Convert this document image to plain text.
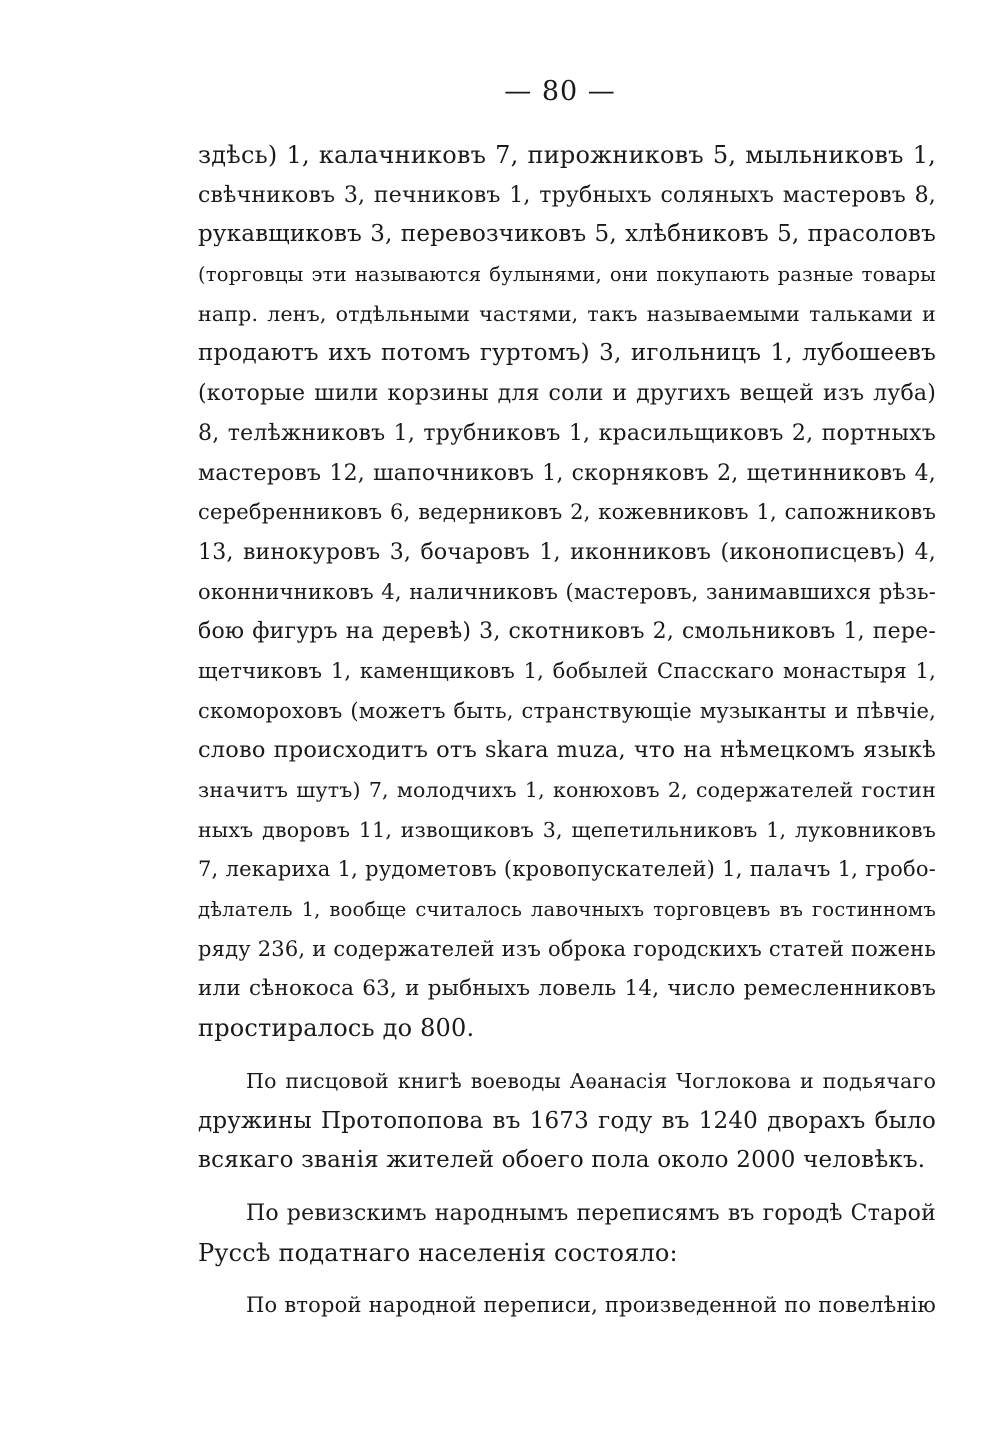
— 80 —
здѣсь) 1, калачниковъ 7, пирожниковъ 5, мыльниковъ 1,
свѣчниковъ 3, печниковъ 1, трубныхъ соляныхъ мастеровъ 8,
рукавщиковъ 3, перевозчиковъ 5, хлѣбниковъ 5, прасоловъ
(торговцы эти называются булынями, они покупають разные товары
напр. ленъ, отдѣльными частями, такъ называемыми тальками и
продаютъ ихъ потомъ гуртомъ) 3, игольницъ 1, лубошеевъ
(которые шили корзины для соли и другихъ вещей изъ луба)
8, телѣжниковъ 1, трубниковъ 1, красильщиковъ 2, портныхъ
мастеровъ 12, шапочниковъ 1, скорняковъ 2, щетинниковъ 4,
серебренниковъ 6, ведерниковъ 2, кожевниковъ 1, сапожниковъ
13, винокуровъ 3, бочаровъ 1, иконниковъ (иконописцевъ) 4,
оконничниковъ 4, наличниковъ (мастеровъ, занимавшихся рѣзь-
бою фигуръ на деревѣ) 3, скотниковъ 2, смольниковъ 1, пере-
щетчиковъ 1, каменщиковъ 1, бобылей Спасскаго монастыря 1,
скомороховъ (можетъ быть, странствующіе музыканты и пѣвчіе,
слово происходитъ отъ skara muza, что на нѣмецкомъ языкѣ
значитъ шутъ) 7, молодчихъ 1, конюховъ 2, содержателей гостин
ныхъ дворовъ 11, извощиковъ 3, щепетильниковъ 1, луковниковъ
7, лекариха 1, рудометовъ (кровопускателей) 1, палачъ 1, гробо-
дѣлатель 1, вообще считалось лавочныхъ торговцевъ въ гостинномъ
ряду 236, и содержателей изъ оброка городскихъ статей пожень
или сѣнокоса 63, и рыбныхъ ловель 14, число ремесленниковъ
простиралось до 800.
По писцовой книгѣ воеводы Аѳанасія Чоглокова и подьячаго
дружины Протопопова въ 1673 году въ 1240 дворахъ было
всякаго званія жителей обоего пола около 2000 человѣкъ.
По ревизскимъ народнымъ переписямъ въ городѣ Старой
Руссѣ податнаго населенія состояло:
По второй народной переписи, произведенной по повелѣнію
